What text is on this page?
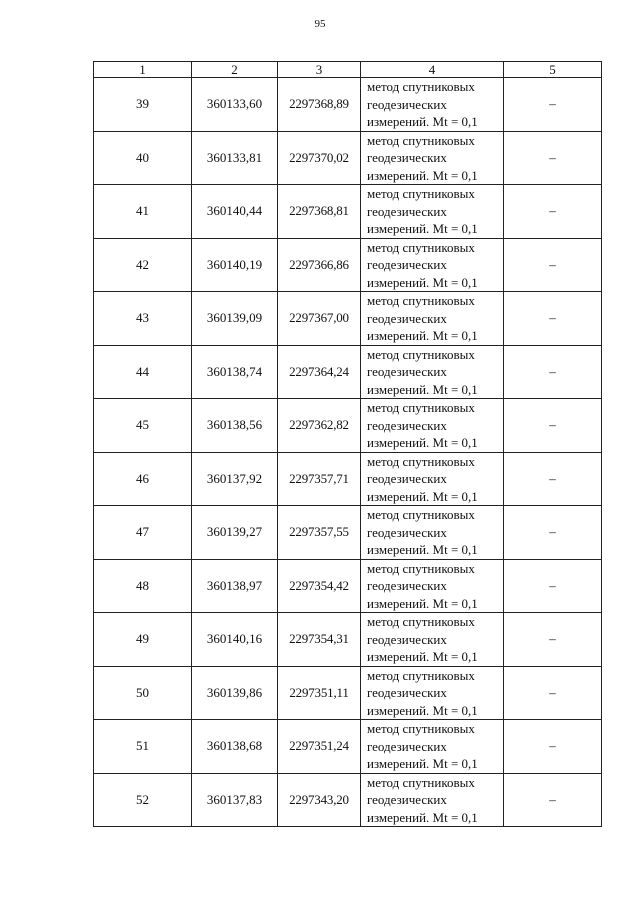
95
1	2	3	4	5
39	360133,60	2297368,89	метод спутниковых
геодезических
измерений. Mt = 0,1	–
40	360133,81	2297370,02	метод спутниковых
геодезических
измерений. Mt = 0,1	–
41	360140,44	2297368,81	метод спутниковых
геодезических
измерений. Mt = 0,1	–
42	360140,19	2297366,86	метод спутниковых
геодезических
измерений. Mt = 0,1	–
43	360139,09	2297367,00	метод спутниковых
геодезических
измерений. Mt = 0,1	–
44	360138,74	2297364,24	метод спутниковых
геодезических
измерений. Mt = 0,1	–
45	360138,56	2297362,82	метод спутниковых
геодезических
измерений. Mt = 0,1	–
46	360137,92	2297357,71	метод спутниковых
геодезических
измерений. Mt = 0,1	–
47	360139,27	2297357,55	метод спутниковых
геодезических
измерений. Mt = 0,1	–
48	360138,97	2297354,42	метод спутниковых
геодезических
измерений. Mt = 0,1	–
49	360140,16	2297354,31	метод спутниковых
геодезических
измерений. Mt = 0,1	–
50	360139,86	2297351,11	метод спутниковых
геодезических
измерений. Mt = 0,1	–
51	360138,68	2297351,24	метод спутниковых
геодезических
измерений. Mt = 0,1	–
52	360137,83	2297343,20	метод спутниковых
геодезических
измерений. Mt = 0,1	–
